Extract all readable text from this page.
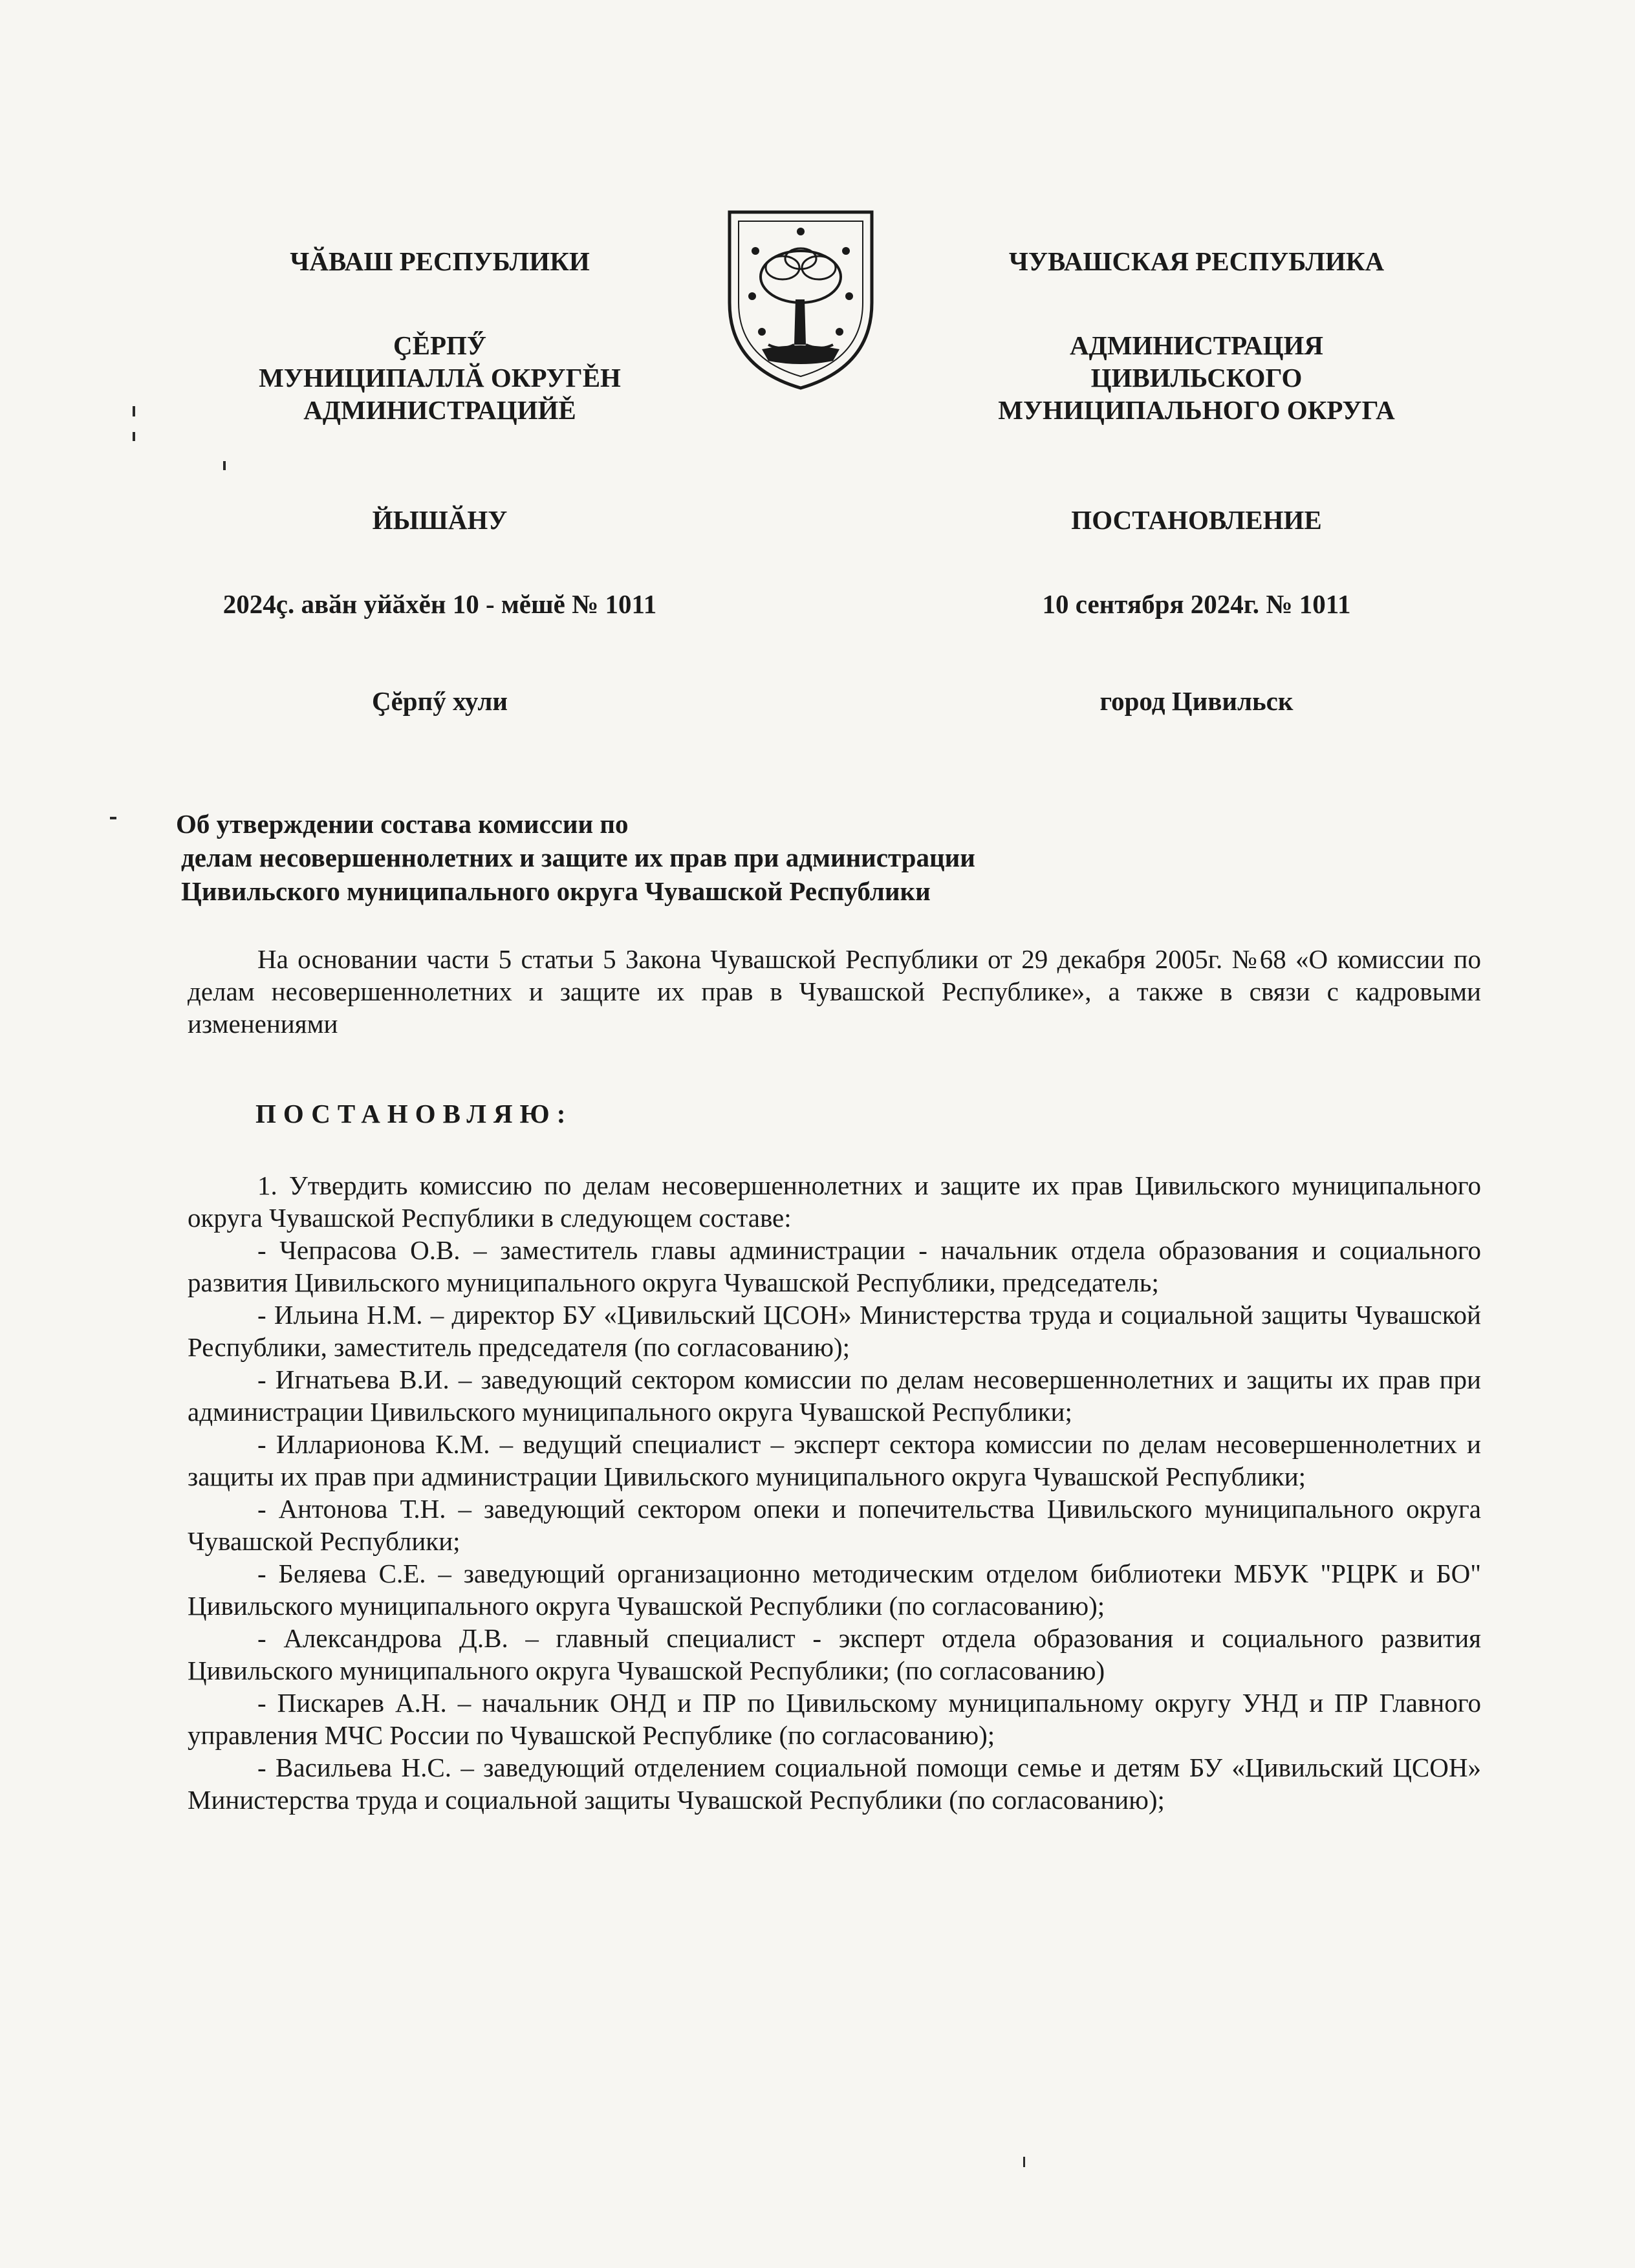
ЧӐВАШ РЕСПУБЛИКИ
ҪĚРПӲ
МУНИЦИПАЛЛӐ ОКРУГĚН
АДМИНИСТРАЦИЙĚ
ЙЫШӐНУ
2024ç. авӑн уйӑхĕн 10 - мĕшĕ № 1011
Ҫĕрпӳ хули
ЧУВАШСКАЯ РЕСПУБЛИКА
АДМИНИСТРАЦИЯ
ЦИВИЛЬСКОГО
МУНИЦИПАЛЬНОГО ОКРУГА
ПОСТАНОВЛЕНИЕ
10 сентября 2024г. № 1011
город Цивильск
Об утверждении состава комиссии по
делам несовершеннолетних и защите их прав при администрации
Цивильского муниципального округа Чувашской Республики

На основании части 5 статьи 5 Закона Чувашской Республики от 29 декабря 2005г. №68 «О комиссии по делам несовершеннолетних и защите их прав в Чувашской Республике», а также в связи с кадровыми изменениями

ПОСТАНОВЛЯЮ:

1. Утвердить комиссию по делам несовершеннолетних и защите их прав Цивильского муниципального округа Чувашской Республики в следующем составе:

- Чепрасова О.В. – заместитель главы администрации - начальник отдела образования и социального развития Цивильского муниципального округа Чувашской Республики, председатель;

- Ильина Н.М. – директор БУ «Цивильский ЦСОН» Министерства труда и социальной защиты Чувашской Республики, заместитель председателя (по согласованию);

- Игнатьева В.И. – заведующий сектором комиссии по делам несовершеннолетних и защиты их прав при администрации Цивильского муниципального округа Чувашской Республики;

- Илларионова К.М. – ведущий специалист – эксперт сектора комиссии по делам несовершеннолетних и защиты их прав при администрации Цивильского муниципального округа Чувашской Республики;

- Антонова Т.Н. – заведующий сектором опеки и попечительства Цивильского муниципального округа Чувашской Республики;

- Беляева С.Е. – заведующий организационно методическим отделом библиотеки МБУК "РЦРК и БО" Цивильского муниципального округа Чувашской Республики (по согласованию);

- Александрова Д.В. – главный специалист - эксперт отдела образования и социального развития Цивильского муниципального округа Чувашской Республики; (по согласованию)

- Пискарев А.Н. – начальник ОНД и ПР по Цивильскому муниципальному округу УНД и ПР Главного управления МЧС России по Чувашской Республике (по согласованию);

- Васильева Н.С. – заведующий отделением социальной помощи семье и детям БУ «Цивильский ЦСОН» Министерства труда и социальной защиты Чувашской Республики (по согласованию);
